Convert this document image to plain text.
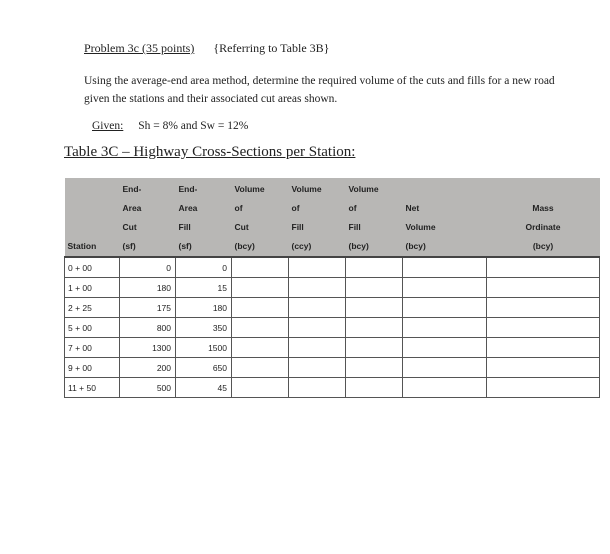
Problem 3c (35 points) {Referring to Table 3B}

Using the average-end area method, determine the required volume of the cuts and fills for a new road given the stations and their associated cut areas shown.

Given: Sh = 8% and Sw = 12%

Table 3C – Highway Cross-Sections per Station:

Station	End-
Area
Cut
(sf)	End-
Area
Fill
(sf)	Volume
of
Cut
(bcy)	Volume
of
Fill
(ccy)	Volume
of
Fill
(bcy)	Net
Volume
(bcy)	Mass
Ordinate
(bcy)

0 + 00	0	0					
1 + 00	180	15					
2 + 25	175	180					
5 + 00	800	350					
7 + 00	1300	1500					
9 + 00	200	650					
11 + 50	500	45					
